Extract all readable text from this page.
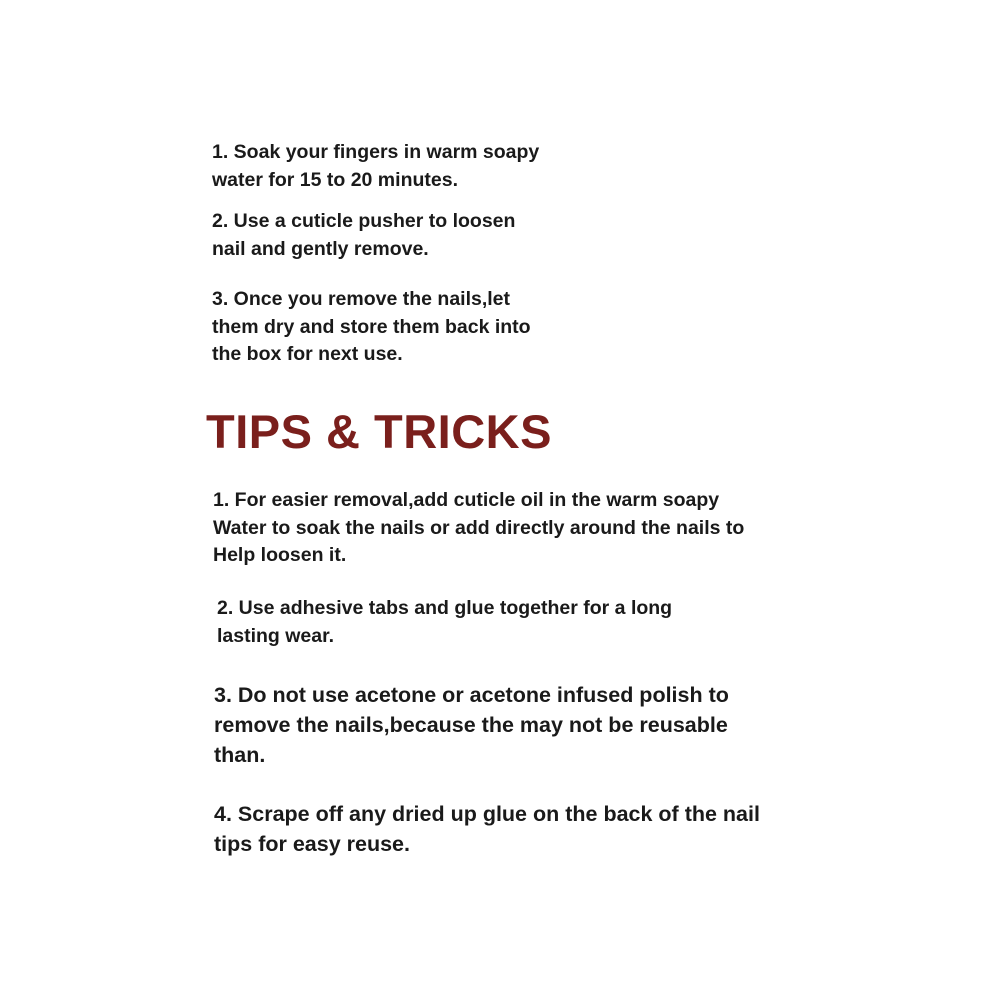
1. Soak your fingers in warm soapy
water for 15 to 20 minutes.

2. Use a cuticle pusher to loosen
nail and gently remove.

3. Once you remove the nails,let
them dry and store them back into
the box for next use.

TIPS & TRICKS

1. For easier removal,add cuticle oil in the warm soapy
Water to soak the nails or add directly around the nails to
Help loosen it.

2. Use adhesive tabs and glue together for a long
lasting wear.

3. Do not use acetone or acetone infused polish to
remove the nails,because the may not be reusable
than.

4. Scrape off any dried up glue on the back of the nail
tips for easy reuse.
